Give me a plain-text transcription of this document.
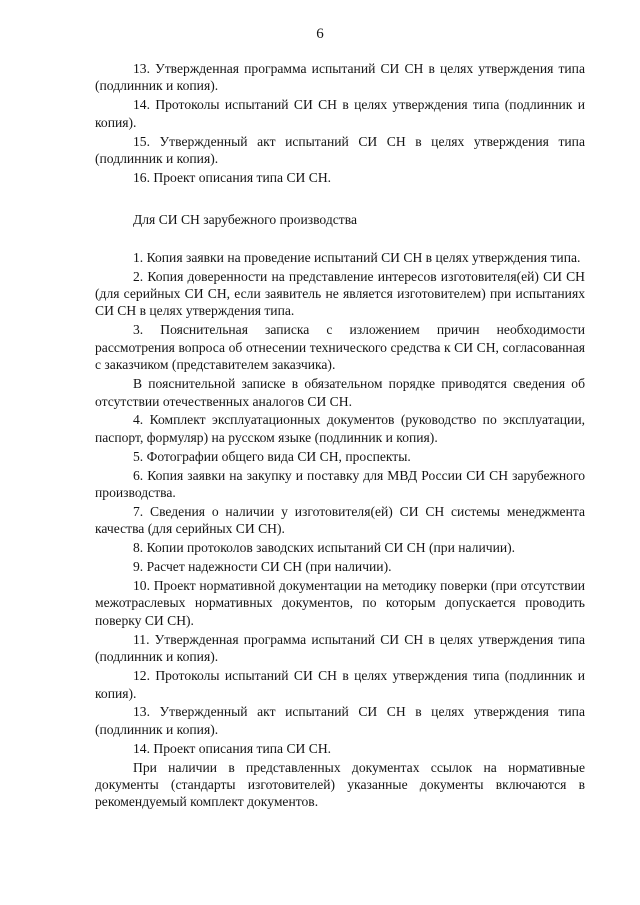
6

13. Утвержденная программа испытаний СИ СН в целях утверждения типа (подлинник и копия).

14. Протоколы испытаний СИ СН в целях утверждения типа (подлинник и копия).

15. Утвержденный акт испытаний СИ СН в целях утверждения типа (подлинник и копия).

16. Проект описания типа СИ СН.

Для СИ СН зарубежного производства

1. Копия заявки на проведение испытаний СИ СН в целях утверждения типа.

2. Копия доверенности на представление интересов изготовителя(ей) СИ СН (для серийных СИ СН, если заявитель не является изготовителем) при испытаниях СИ СН в целях утверждения типа.

3. Пояснительная записка с изложением причин необходимости рассмотрения вопроса об отнесении технического средства к СИ СН, согласованная с заказчиком (представителем заказчика).

В пояснительной записке в обязательном порядке приводятся сведения об отсутствии отечественных аналогов СИ СН.

4. Комплект эксплуатационных документов (руководство по эксплуатации, паспорт, формуляр) на русском языке (подлинник и копия).

5. Фотографии общего вида СИ СН, проспекты.

6. Копия заявки на закупку и поставку для МВД России СИ СН зарубежного производства.

7. Сведения о наличии у изготовителя(ей) СИ СН системы менеджмента качества (для серийных СИ СН).

8. Копии протоколов заводских испытаний СИ СН (при наличии).

9. Расчет надежности СИ СН (при наличии).

10. Проект нормативной документации на методику поверки (при отсутствии межотраслевых нормативных документов, по которым допускается проводить поверку СИ СН).

11. Утвержденная программа испытаний СИ СН в целях утверждения типа (подлинник и копия).

12. Протоколы испытаний СИ СН в целях утверждения типа (подлинник и копия).

13. Утвержденный акт испытаний СИ СН в целях утверждения типа (подлинник и копия).

14. Проект описания типа СИ СН.

При наличии в представленных документах ссылок на нормативные документы (стандарты изготовителей) указанные документы включаются в рекомендуемый комплект документов.
